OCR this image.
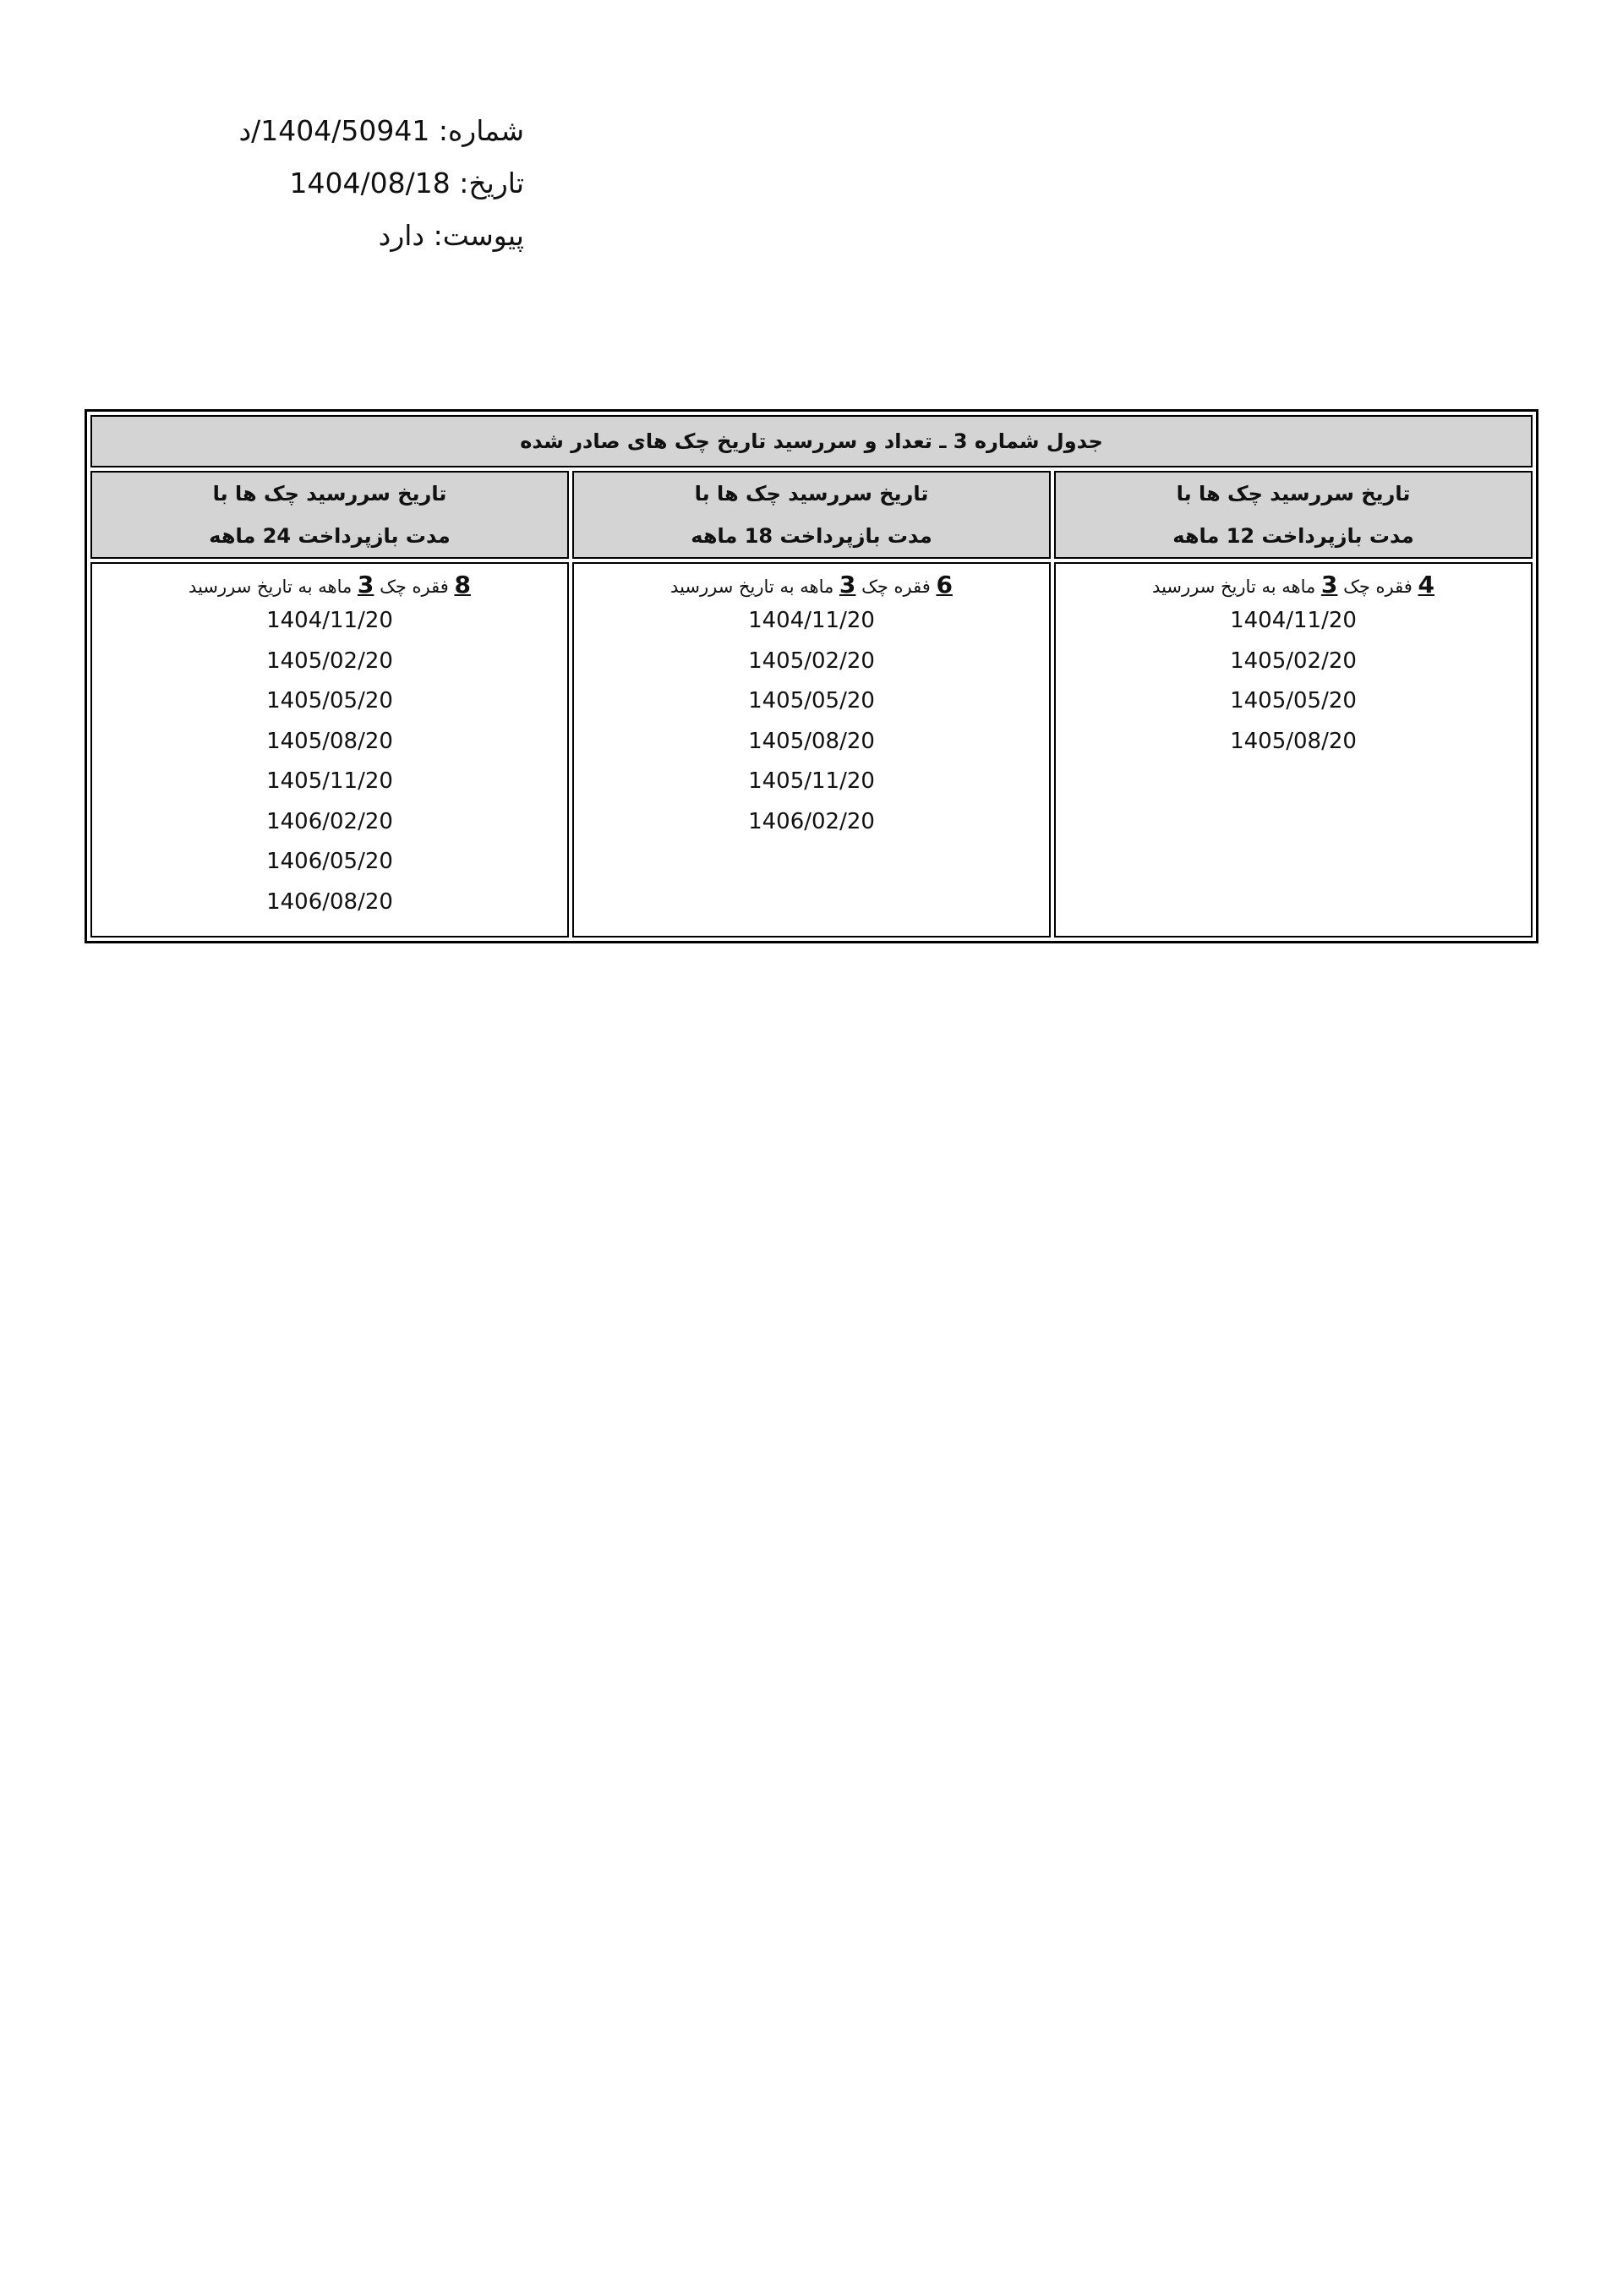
شماره: 1404/50941/د
تاریخ: 1404/08/18
پیوست: دارد
جدول شماره 3 ـ تعداد و سررسید تاریخ چک های صادر شده
تاریخ سررسید چک ها با
مدت بازپرداخت 12 ماهه
4 فقره چک 3 ماهه به تاریخ سررسید
1404/11/20
1405/02/20
1405/05/20
1405/08/20
تاریخ سررسید چک ها با
مدت بازپرداخت 18 ماهه
6 فقره چک 3 ماهه به تاریخ سررسید
1404/11/20
1405/02/20
1405/05/20
1405/08/20
1405/11/20
1406/02/20
تاریخ سررسید چک ها با
مدت بازپرداخت 24 ماهه
8 فقره چک 3 ماهه به تاریخ سررسید
1404/11/20
1405/02/20
1405/05/20
1405/08/20
1405/11/20
1406/02/20
1406/05/20
1406/08/20
